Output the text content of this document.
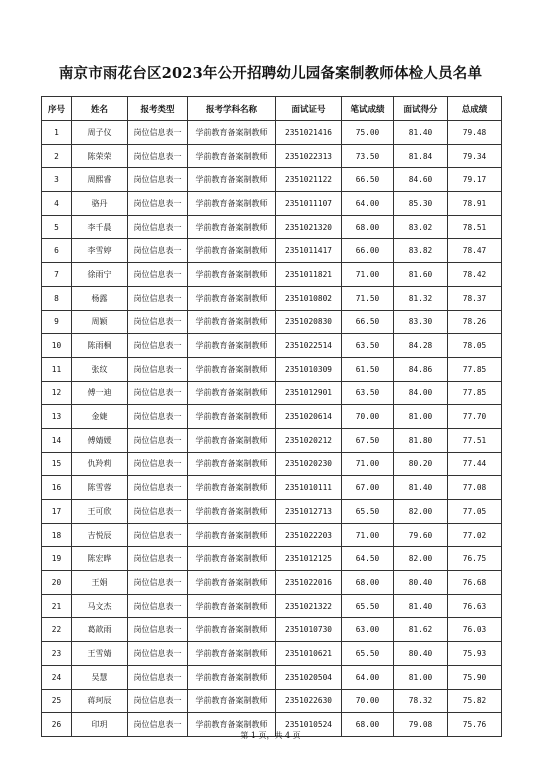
南京市雨花台区2023年公开招聘幼儿园备案制教师体检人员名单
序号	姓名	报考类型	报考学科名称	面试证号	笔试成绩	面试得分	总成绩
1	周子仪	岗位信息表一	学前教育备案制教师	2351021416	75.00	81.40	79.48
2	陈荣荣	岗位信息表一	学前教育备案制教师	2351022313	73.50	81.84	79.34
3	周熙睿	岗位信息表一	学前教育备案制教师	2351021122	66.50	84.60	79.17
4	骆丹	岗位信息表一	学前教育备案制教师	2351011107	64.00	85.30	78.91
5	李千晨	岗位信息表一	学前教育备案制教师	2351021320	68.00	83.02	78.51
6	李雪婷	岗位信息表一	学前教育备案制教师	2351011417	66.00	83.82	78.47
7	徐雨宁	岗位信息表一	学前教育备案制教师	2351011821	71.00	81.60	78.42
8	杨露	岗位信息表一	学前教育备案制教师	2351010802	71.50	81.32	78.37
9	周颖	岗位信息表一	学前教育备案制教师	2351020830	66.50	83.30	78.26
10	陈雨桐	岗位信息表一	学前教育备案制教师	2351022514	63.50	84.28	78.05
11	张纹	岗位信息表一	学前教育备案制教师	2351010309	61.50	84.86	77.85
12	傅一迪	岗位信息表一	学前教育备案制教师	2351012901	63.50	84.00	77.85
13	金婕	岗位信息表一	学前教育备案制教师	2351020614	70.00	81.00	77.70
14	傅婧媛	岗位信息表一	学前教育备案制教师	2351020212	67.50	81.80	77.51
15	仇羚莉	岗位信息表一	学前教育备案制教师	2351020230	71.00	80.20	77.44
16	陈雪蓉	岗位信息表一	学前教育备案制教师	2351010111	67.00	81.40	77.08
17	王可欣	岗位信息表一	学前教育备案制教师	2351012713	65.50	82.00	77.05
18	吉悦辰	岗位信息表一	学前教育备案制教师	2351022203	71.00	79.60	77.02
19	陈宏晔	岗位信息表一	学前教育备案制教师	2351012125	64.50	82.00	76.75
20	王娟	岗位信息表一	学前教育备案制教师	2351022016	68.00	80.40	76.68
21	马文杰	岗位信息表一	学前教育备案制教师	2351021322	65.50	81.40	76.63
22	葛歆雨	岗位信息表一	学前教育备案制教师	2351010730	63.00	81.62	76.03
23	王雪婧	岗位信息表一	学前教育备案制教师	2351010621	65.50	80.40	75.93
24	吴慧	岗位信息表一	学前教育备案制教师	2351020504	64.00	81.00	75.90
25	蒋珂辰	岗位信息表一	学前教育备案制教师	2351022630	70.00	78.32	75.82
26	印玥	岗位信息表一	学前教育备案制教师	2351010524	68.00	79.08	75.76
第 1 页，共 4 页
